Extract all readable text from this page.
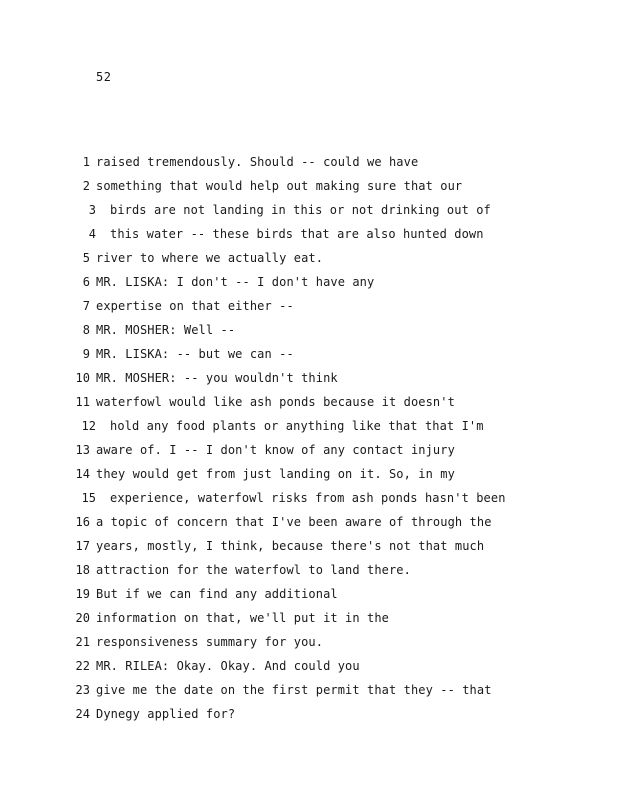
52
1 raised tremendously. Should -- could we have
2 something that would help out making sure that our
3 birds are not landing in this or not drinking out of
4 this water -- these birds that are also hunted down
5 river to where we actually eat.
6 MR. LISKA: I don't -- I don't have any
7 expertise on that either --
8 MR. MOSHER: Well --
9 MR. LISKA: -- but we can --
10 MR. MOSHER: -- you wouldn't think
11 waterfowl would like ash ponds because it doesn't
12 hold any food plants or anything like that that I'm
13 aware of. I -- I don't know of any contact injury
14 they would get from just landing on it. So, in my
15 experience, waterfowl risks from ash ponds hasn't been
16 a topic of concern that I've been aware of through the
17 years, mostly, I think, because there's not that much
18 attraction for the waterfowl to land there.
19 But if we can find any additional
20 information on that, we'll put it in the
21 responsiveness summary for you.
22 MR. RILEA: Okay. Okay. And could you
23 give me the date on the first permit that they -- that
24 Dynegy applied for?
